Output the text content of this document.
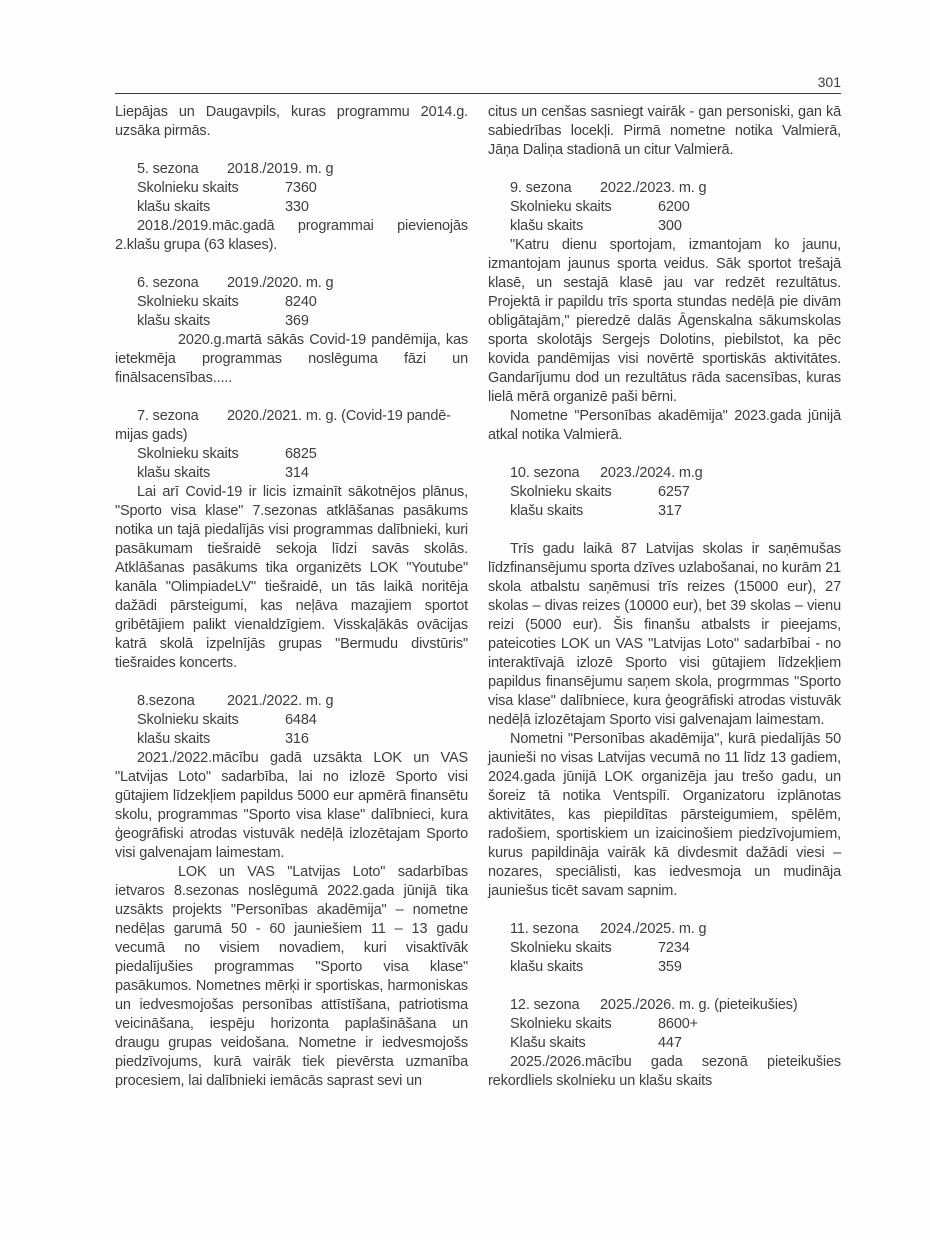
301

Liepājas un Daugavpils, kuras programmu 2014.g. uzsāka pirmās.

5. sezona	2018./2019. m. g
Skolnieku skaits	7360
klašu skaits	330

2018./2019.māc.gadā programmai pievienojās 2.klašu grupa (63 klases).

6. sezona	2019./2020. m. g
Skolnieku skaits	8240
klašu skaits	369

2020.g.martā sākās Covid-19 pandēmija, kas ietekmēja programmas noslēguma fāzi un finālsacensības.....

7. sezona	2020./2021. m. g. (Covid-19 pandē-
mijas gads)
Skolnieku skaits	6825
klašu skaits	314

Lai arī Covid-19 ir licis izmainīt sākotnējos plānus, "Sporto visa klase" 7.sezonas atklāšanas pasākums notika un tajā piedalījās visi programmas dalībnieki, kuri pasākumam tiešraidē sekoja līdzi savās skolās. Atklāšanas pasākums tika organizēts LOK "Youtube" kanāla "OlimpiadeLV" tiešraidē, un tās laikā noritēja dažādi pārsteigumi, kas neļāva mazajiem sportot gribētājiem palikt vienaldzīgiem. Visskaļākās ovācijas katrā skolā izpelnījās grupas "Bermudu divstūris" tiešraides koncerts.

8.sezona	2021./2022. m. g
Skolnieku skaits	6484
klašu skaits	316

2021./2022.mācību gadā uzsākta LOK un VAS "Latvijas Loto" sadarbība, lai no izlozē Sporto visi gūtajiem līdzekļiem papildus 5000 eur apmērā finansētu skolu, programmas "Sporto visa klase" dalībnieci, kura ģeogrāfiski atrodas vistuvāk nedēļā izlozētajam Sporto visi galvenajam laimestam.

LOK un VAS "Latvijas Loto" sadarbības ietvaros 8.sezonas noslēgumā 2022.gada jūnijā tika uzsākts projekts "Personības akadēmija" – nometne nedēļas garumā 50 - 60 jauniešiem 11 – 13 gadu vecumā no visiem novadiem, kuri visaktīvāk piedalījušies programmas "Sporto visa klase" pasākumos. Nometnes mērķi ir sportiskas, harmoniskas un iedvesmojošas personības attīstīšana, patriotisma veicināšana, iespēju horizonta paplašināšana un draugu grupas veidošana. Nometne ir iedvesmojošs piedzīvojums, kurā vairāk tiek pievērsta uzmanība procesiem, lai dalībnieki iemācās saprast sevi un

citus un cenšas sasniegt vairāk - gan personiski, gan kā sabiedrības locekļi. Pirmā nometne notika Valmierā, Jāņa Daliņa stadionā un citur Valmierā.

9. sezona	2022./2023. m. g
Skolnieku skaits	6200
klašu skaits	300

"Katru dienu sportojam, izmantojam ko jaunu, izmantojam jaunus sporta veidus. Sāk sportot trešajā klasē, un sestajā klasē jau var redzēt rezultātus. Projektā ir papildu trīs sporta stundas nedēļā pie divām obligātajām," pieredzē dalās Āgenskalna sākumskolas sporta skolotājs Sergejs Dolotins, piebilstot, ka pēc kovida pandēmijas visi novērtē sportiskās aktivitātes. Gandarījumu dod un rezultātus rāda sacensības, kuras lielā mērā organizē paši bērni.

Nometne "Personības akadēmija" 2023.gada jūnijā atkal notika Valmierā.

10. sezona	2023./2024. m.g
Skolnieku skaits	6257
klašu skaits	317

Trīs gadu laikā 87 Latvijas skolas ir saņēmušas līdzfinansējumu sporta dzīves uzlabošanai, no kurām 21 skola atbalstu saņēmusi trīs reizes (15000 eur), 27 skolas – divas reizes (10000 eur), bet 39 skolas – vienu reizi (5000 eur). Šis finanšu atbalsts ir pieejams, pateicoties LOK un VAS "Latvijas Loto" sadarbībai - no interaktīvajā izlozē Sporto visi gūtajiem līdzekļiem papildus finansējumu saņem skola, progrmmas "Sporto visa klase" dalībniece, kura ģeogrāfiski atrodas vistuvāk nedēļā izlozētajam Sporto visi galvenajam laimestam.

Nometni "Personības akadēmija", kurā piedalījās 50 jaunieši no visas Latvijas vecumā no 11 līdz 13 gadiem, 2024.gada jūnijā LOK organizēja jau trešo gadu, un šoreiz tā notika Ventspilī. Organizatoru izplānotas aktivitātes, kas piepildītas pārsteigumiem, spēlēm, radošiem, sportiskiem un izaicinošiem piedzīvojumiem, kurus papildināja vairāk kā divdesmit dažādi viesi – nozares, speciālisti, kas iedvesmoja un mudināja jauniešus ticēt savam sapnim.

11. sezona	2024./2025. m. g
Skolnieku skaits	7234
klašu skaits	359
12. sezona	2025./2026. m. g. (pieteikušies)
Skolnieku skaits	8600+
Klašu skaits	447

2025./2026.mācību gada sezonā pieteikušies rekordliels skolnieku un klašu skaits
